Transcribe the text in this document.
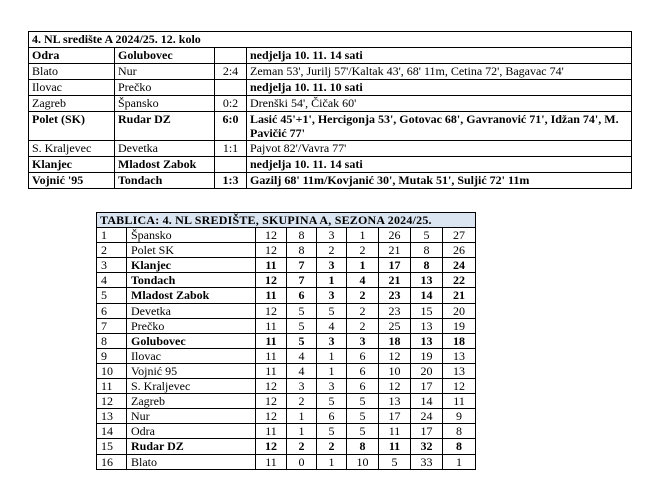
4. NL središte A 2024/25. 12. kolo			
Odra	Golubovec		nedjelja 10. 11. 14 sati
Blato	Nur	2:4	Zeman 53', Jurilj 57'/Kaltak 43', 68' 11m, Cetina 72', Bagavac 74'
Ilovac	Prečko		nedjelja 10. 11. 10 sati
Zagreb	Špansko	0:2	Drenški 54', Čičak 60'
Polet (SK)	Rudar DZ	6:0	Lasić 45'+1', Hercigonja 53', Gotovac 68', Gavranović 71', Idžan 74', M. Pavičić 77'
S. Kraljevec	Devetka	1:1	Pajvot 82'/Vavra 77'
Klanjec	Mladost Zabok		nedjelja 10. 11. 14 sati
Vojnić '95	Tondach	1:3	Gazilj 68' 11m/Kovjanić 30', Mutak 51', Suljić 72' 11m
TABLICA: 4. NL SREDIŠTE, SKUPINA A, SEZONA 2024/25.								
1	Špansko	12	8	3	1	26	5	27
2	Polet SK	12	8	2	2	21	8	26
3	Klanjec	11	7	3	1	17	8	24
4	Tondach	12	7	1	4	21	13	22
5	Mladost Zabok	11	6	3	2	23	14	21
6	Devetka	12	5	5	2	23	15	20
7	Prečko	11	5	4	2	25	13	19
8	Golubovec	11	5	3	3	18	13	18
9	Ilovac	11	4	1	6	12	19	13
10	Vojnić 95	11	4	1	6	10	20	13
11	S. Kraljevec	12	3	3	6	12	17	12
12	Zagreb	12	2	5	5	13	14	11
13	Nur	12	1	6	5	17	24	9
14	Odra	11	1	5	5	11	17	8
15	Rudar DZ	12	2	2	8	11	32	8
16	Blato	11	0	1	10	5	33	1
